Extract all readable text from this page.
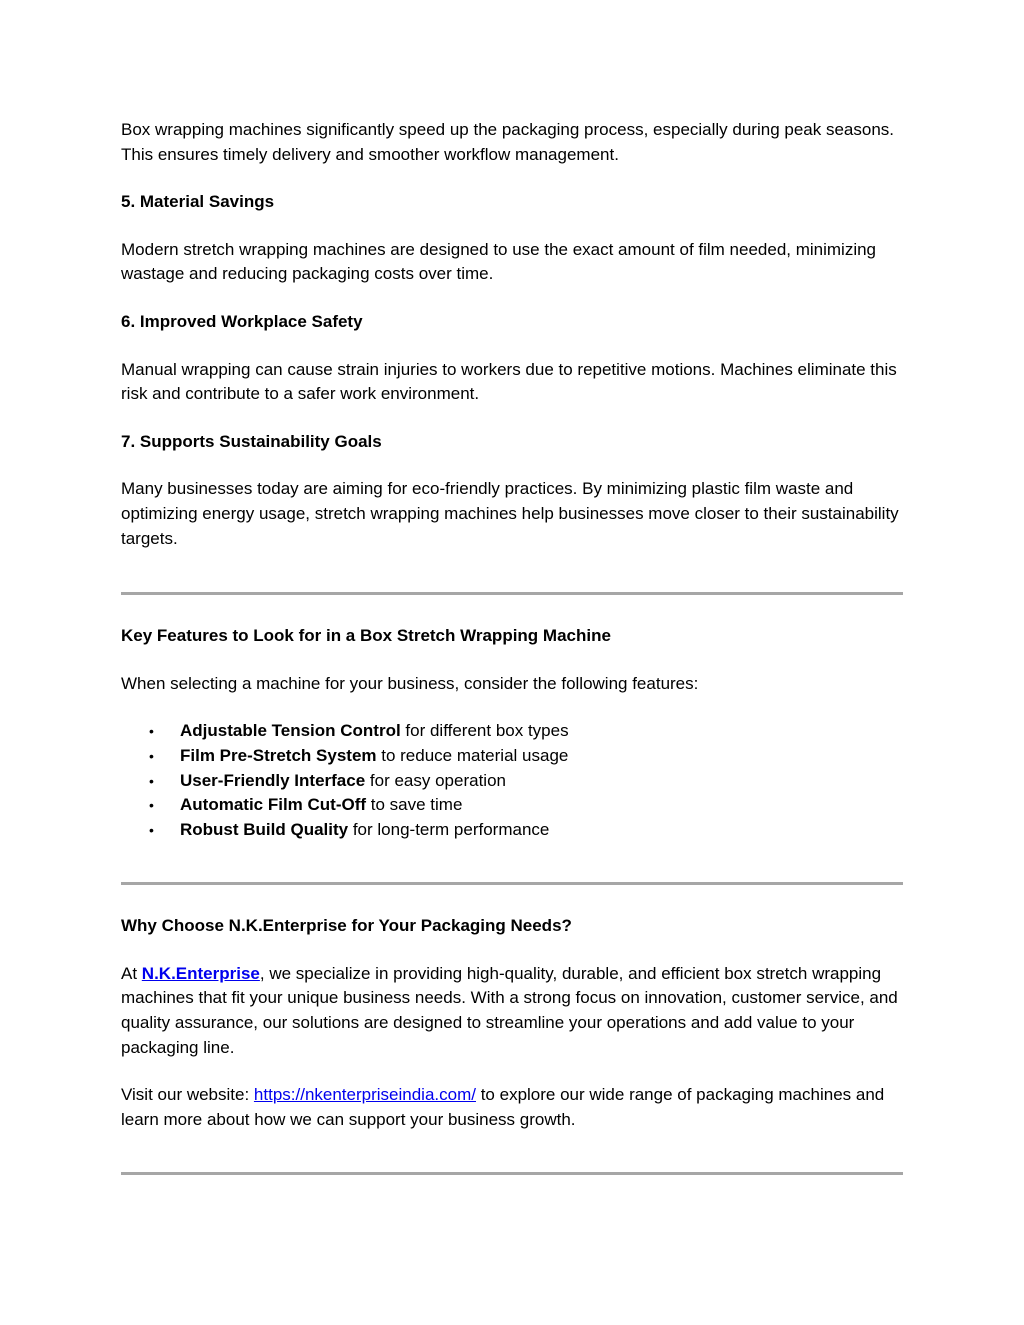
Box wrapping machines significantly speed up the packaging process, especially during peak seasons. This ensures timely delivery and smoother workflow management.

5. Material Savings

Modern stretch wrapping machines are designed to use the exact amount of film needed, minimizing wastage and reducing packaging costs over time.

6. Improved Workplace Safety

Manual wrapping can cause strain injuries to workers due to repetitive motions. Machines eliminate this risk and contribute to a safer work environment.

7. Supports Sustainability Goals

Many businesses today are aiming for eco-friendly practices. By minimizing plastic film waste and optimizing energy usage, stretch wrapping machines help businesses move closer to their sustainability targets.

Key Features to Look for in a Box Stretch Wrapping Machine

When selecting a machine for your business, consider the following features:

• Adjustable Tension Control for different box types
• Film Pre-Stretch System to reduce material usage
• User-Friendly Interface for easy operation
• Automatic Film Cut-Off to save time
• Robust Build Quality for long-term performance

Why Choose N.K.Enterprise for Your Packaging Needs?

At N.K.Enterprise, we specialize in providing high-quality, durable, and efficient box stretch wrapping machines that fit your unique business needs. With a strong focus on innovation, customer service, and quality assurance, our solutions are designed to streamline your operations and add value to your packaging line.

Visit our website: https://nkenterpriseindia.com/ to explore our wide range of packaging machines and learn more about how we can support your business growth.
